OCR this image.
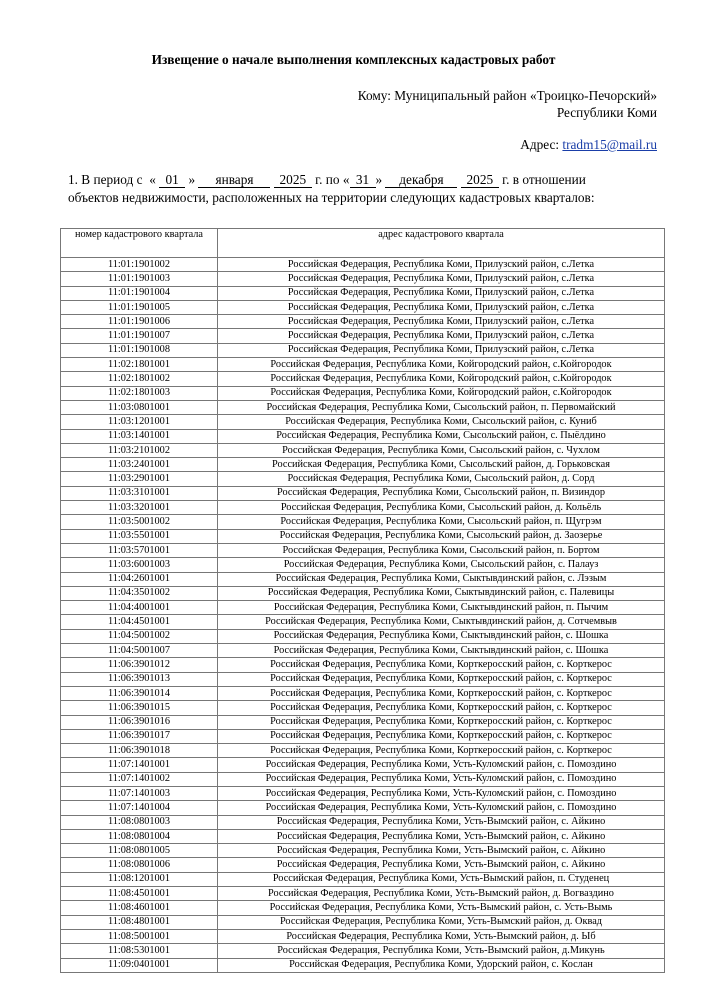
Извещение о начале выполнения комплексных кадастровых работ
Кому: Муниципальный район «Троицко-Печорский»
Республики Коми
Адрес: tradm15@mail.ru
1. В период с « 01 » января 2025 г. по « 31 » декабря 2025 г. в отношении
объектов недвижимости, расположенных на территории следующих кадастровых кварталов:
номер кадастрового квартала	адрес кадастрового квартала
11:01:1901002	Российская Федерация, Республика Коми, Прилузский район, с.Летка
11:01:1901003	Российская Федерация, Республика Коми, Прилузский район, с.Летка
11:01:1901004	Российская Федерация, Республика Коми, Прилузский район, с.Летка
11:01:1901005	Российская Федерация, Республика Коми, Прилузский район, с.Летка
11:01:1901006	Российская Федерация, Республика Коми, Прилузский район, с.Летка
11:01:1901007	Российская Федерация, Республика Коми, Прилузский район, с.Летка
11:01:1901008	Российская Федерация, Республика Коми, Прилузский район, с.Летка
11:02:1801001	Российская Федерация, Республика Коми, Койгородский район, с.Койгородок
11:02:1801002	Российская Федерация, Республика Коми, Койгородский район, с.Койгородок
11:02:1801003	Российская Федерация, Республика Коми, Койгородский район, с.Койгородок
11:03:0801001	Российская Федерация, Республика Коми, Сысольский район, п. Первомайский
11:03:1201001	Российская Федерация, Республика Коми, Сысольский район, с. Куниб
11:03:1401001	Российская Федерация, Республика Коми, Сысольский район, с. Пыёлдино
11:03:2101002	Российская Федерация, Республика Коми, Сысольский район, с. Чухлом
11:03:2401001	Российская Федерация, Республика Коми, Сысольский район, д. Горьковская
11:03:2901001	Российская Федерация, Республика Коми, Сысольский район, д. Сорд
11:03:3101001	Российская Федерация, Республика Коми, Сысольский район, п. Визиндор
11:03:3201001	Российская Федерация, Республика Коми, Сысольский район, д. Кольёль
11:03:5001002	Российская Федерация, Республика Коми, Сысольский район, п. Щугрэм
11:03:5501001	Российская Федерация, Республика Коми, Сысольский район, д. Заозерье
11:03:5701001	Российская Федерация, Республика Коми, Сысольский район, п. Бортом
11:03:6001003	Российская Федерация, Республика Коми, Сысольский район, с. Палауз
11:04:2601001	Российская Федерация, Республика Коми, Сыктывдинский район, с. Лэзым
11:04:3501002	Российская Федерация, Республика Коми, Сыктывдинский район, с. Палевицы
11:04:4001001	Российская Федерация, Республика Коми, Сыктывдинский район, п. Пычим
11:04:4501001	Российская Федерация, Республика Коми, Сыктывдинский район, д. Сотчемвыв
11:04:5001002	Российская Федерация, Республика Коми, Сыктывдинский район, с. Шошка
11:04:5001007	Российская Федерация, Республика Коми, Сыктывдинский район, с. Шошка
11:06:3901012	Российская Федерация, Республика Коми, Корткеросский район, с. Корткерос
11:06:3901013	Российская Федерация, Республика Коми, Корткеросский район, с. Корткерос
11:06:3901014	Российская Федерация, Республика Коми, Корткеросский район, с. Корткерос
11:06:3901015	Российская Федерация, Республика Коми, Корткеросский район, с. Корткерос
11:06:3901016	Российская Федерация, Республика Коми, Корткеросский район, с. Корткерос
11:06:3901017	Российская Федерация, Республика Коми, Корткеросский район, с. Корткерос
11:06:3901018	Российская Федерация, Республика Коми, Корткеросский район, с. Корткерос
11:07:1401001	Российская Федерация, Республика Коми, Усть-Куломский район, с. Помоздино
11:07:1401002	Российская Федерация, Республика Коми, Усть-Куломский район, с. Помоздино
11:07:1401003	Российская Федерация, Республика Коми, Усть-Куломский район, с. Помоздино
11:07:1401004	Российская Федерация, Республика Коми, Усть-Куломский район, с. Помоздино
11:08:0801003	Российская Федерация, Республика Коми, Усть-Вымский район, с. Айкино
11:08:0801004	Российская Федерация, Республика Коми, Усть-Вымский район, с. Айкино
11:08:0801005	Российская Федерация, Республика Коми, Усть-Вымский район, с. Айкино
11:08:0801006	Российская Федерация, Республика Коми, Усть-Вымский район, с. Айкино
11:08:1201001	Российская Федерация, Республика Коми, Усть-Вымский район, п. Студенец
11:08:4501001	Российская Федерация, Республика Коми, Усть-Вымский район, д. Вогваздино
11:08:4601001	Российская Федерация, Республика Коми, Усть-Вымский район, с. Усть-Вымь
11:08:4801001	Российская Федерация, Республика Коми, Усть-Вымский район, д. Оквад
11:08:5001001	Российская Федерация, Республика Коми, Усть-Вымский район, д. Ыб
11:08:5301001	Российская Федерация, Республика Коми, Усть-Вымский район, д.Микунь
11:09:0401001	Российская Федерация, Республика Коми, Удорский район, с. Кослан
